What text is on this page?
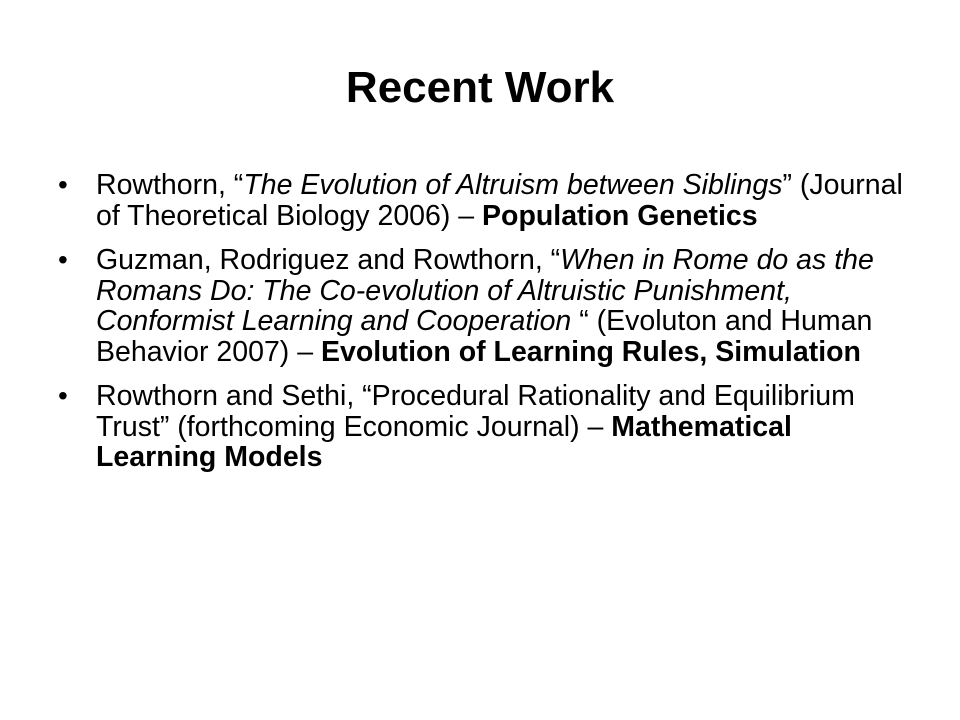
Recent Work
• Rowthorn, “The Evolution of Altruism between Siblings” (Journal of Theoretical Biology 2006) – Population Genetics
• Guzman, Rodriguez and Rowthorn, “When in Rome do as the Romans Do: The Co-evolution of Altruistic Punishment, Conformist Learning and Cooperation “ (Evoluton and Human Behavior 2007) – Evolution of Learning Rules, Simulation
• Rowthorn and Sethi, “Procedural Rationality and Equilibrium Trust” (forthcoming Economic Journal) – Mathematical Learning Models
